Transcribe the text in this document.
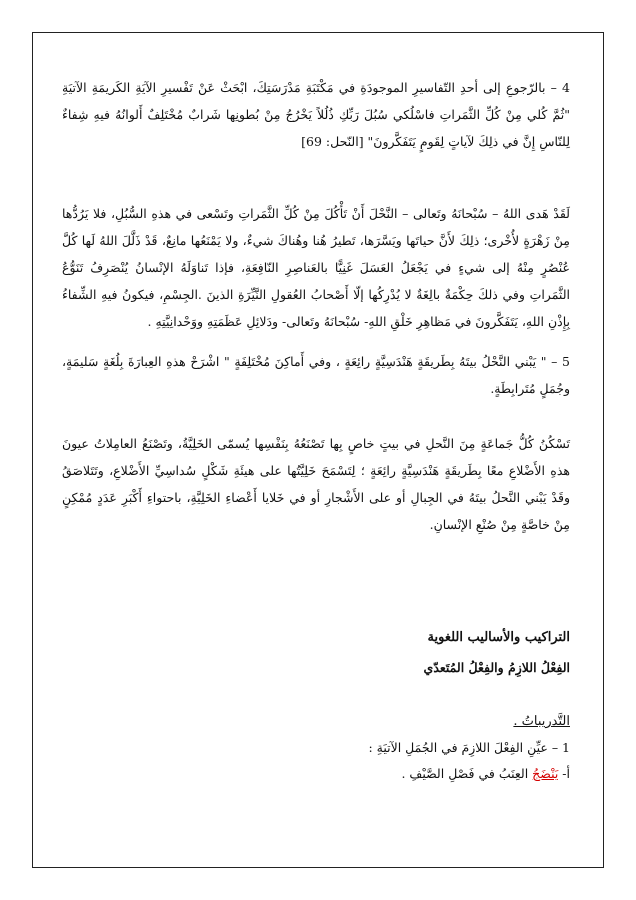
4 – بالرّجوعِ إلى أحدِ التّفاسيرِ الموجودَةِ في مَكْتَبَةِ مَدْرَسَتِكَ، ابْحَثْ عَنْ تَفْسيرِ الآيَةِ الكَريمَةِ الآتيَةِ "ثُمَّ كُلي مِنْ كُلِّ الثَّمَراتِ فاسْلُكي سُبُلَ رَبِّكِ ذُلُلاً يَخْرُجُ مِنْ بُطونِها شَرابٌ مُخْتَلِفٌ أَلوانُهُ فيهِ شِفاءٌ لِلنّاسِ إِنَّ في ذلِكَ لآياتٍ لِقَومٍ يَتَفَكَّرونَ" [النّحل: 69]

لَقَدْ هَدى اللهُ – سُبْحانَهُ وتَعالى – النَّحْلَ أَنْ تَأْكُلَ مِنْ كُلِّ الثَّمَراتِ وتَسْعى في هذهِ السُّبُلِ، فلا يَرُدُّها مِنْ زَهْرَةٍ لأُخْرى؛ ذلِكَ لأَنَّ حياتَها ويَسَّرَها، تَطيرُ هُنا وهُناكَ شيءٌ، ولا يَمْنَعُها مانِعٌ، قَدْ ذَلَّلَ اللهُ لَها كُلَّ عُنْصُرٍ مِنْهُ إلى شيءٍ في يَجْعَلُ العَسَلَ غَنِيًّا بالعَناصِرِ النّافِعَةِ، فإذا تَناوَلَهُ الإنْسانُ يُنْصَرِفُ تَنَوُّعُ الثَّمَراتِ وفي ذلكَ حِكْمَةٌ بالِغَةٌ لا يُدْرِكُها إلّا أَصْحابُ العُقولِ النَّيِّرَةِ الذينَ .الجِسْمِ، فيكونُ فيهِ الشِّفاءُ بِإِذْنِ اللهِ، يَتَفَكَّرونَ في مَظاهِرِ خَلْقِ اللهِ- سُبْحانَهُ وتَعالى- ودَلائِلِ عَظَمَتِهِ ووَحْدانِيَّتِهِ .

5 – " يَبْني النَّحْلُ بيتَهُ بِطَريقَةٍ هَنْدَسِيَّةٍ رائِعَةٍ ، وفي أَماكِنَ مُخْتَلِفَةٍ " اشْرَحْ هذهِ العِبارَةَ بِلُغَةٍ سَليمَةٍ، وجُمَلٍ مُتَرابِطَةٍ.

تَسْكُنُ كُلُّ جَماعَةٍ مِنَ النَّحلِ في بيتٍ خاصٍ بِها تَصْنَعُهُ بِنَفْسِها يُسمّى الخَلِيَّةُ، وتَصْنَعُ العامِلاتُ عيونَ هذهِ الأَضْلاعِ معًا بِطَريقَةٍ هَنْدَسِيَّةٍ رائِعَةٍ ؛ لِتَسْمَحَ خَلِيَّتُها على هيئَةِ شَكْلٍ سُداسِيِّ الأَضْلاعِ، وتَتَلاصَقُ وقَدْ يَبْني النَّحلُ بيتَهُ في الجِبالِ أو على الأَشْجارِ أو في خَلايا أَعْضاءِ الخَلِيَّةِ، باحتواءِ أَكْبَرِ عَدَدٍ مُمْكِنٍ مِنْ خاصَّةٍ مِنْ صُنْعِ الإنْسانِ.

التراكيب والأساليب اللغوية
الفِعْلُ اللازِمُ والفِعْلُ المُتَعدّي
التَّدريباتُ .
1 – عيِّنِ الفِعْلَ اللازِمَ في الجُمَلِ الآتيَةِ :
أ- يَنْضَجُ العِنَبُ في فَصْلِ الصَّيْفِ .
